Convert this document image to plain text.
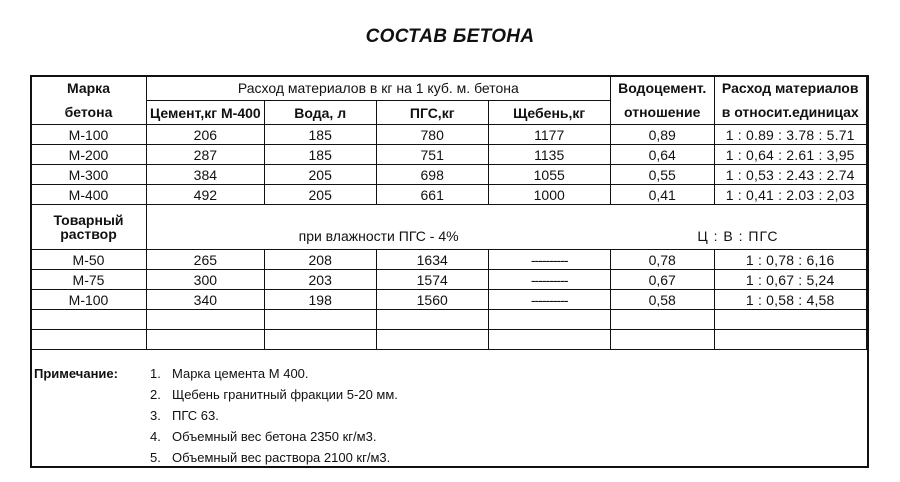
СОСТАВ БЕТОНА
Марка	Расход материалов в кг на 1 куб. м. бетона				Водоцемент.	Расход материалов
бетона	Цемент,кг М-400	Вода, л	ПГС,кг	Щебень,кг	отношение	в относит.единицах
М-100	206	185	780	1177	0,89	1 : 0.89 : 3.78 : 5.71
М-200	287	185	751	1135	0,64	1 : 0,64 : 2.61 : 3,95
М-300	384	205	698	1055	0,55	1 : 0,53 : 2.43 : 2.74
М-400	492	205	661	1000	0,41	1 : 0,41 : 2.03 : 2,03
Товарный
раствор	при влажности ПГС - 4%				Ц : В : ПГС	
М-50	265	208	1634	----------	0,78	1 : 0,78 : 6,16
М-75	300	203	1574	----------	0,67	1 : 0,67 : 5,24
М-100	340	198	1560	----------	0,58	1 : 0,58 : 4,58

Примечание: 1. Марка цемента М 400.
2. Щебень гранитный фракции 5-20 мм.
3. ПГС 63.
4. Объемный вес бетона 2350 кг/м3.
5. Объемный вес раствора 2100 кг/м3.
